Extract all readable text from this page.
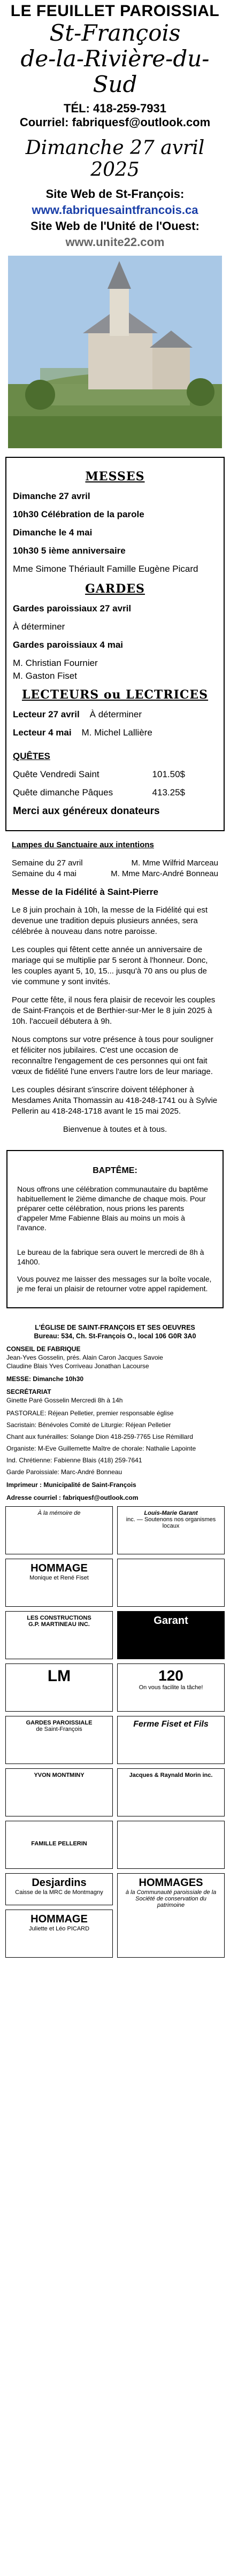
LE FEUILLET PAROISSIAL
St-François
de-la-Rivière-du-Sud
TÉL: 418-259-7931
Courriel: fabriquesf@outlook.com
Dimanche 27 avril 2025
Site Web de St-François:
www.fabriquesaintfrancois.ca
Site Web de l'Unité de l'Ouest: www.unite22.com
MESSES
Dimanche 27 avril
10h30 Célébration de la parole
Dimanche le 4 mai
10h30 5 ième anniversaire
Mme Simone Thériault Famille Eugène Picard
GARDES
Gardes paroissiaux 27 avril
À déterminer
Gardes paroissiaux 4 mai
M. Christian Fournier
M. Gaston Fiset
LECTEURS ou LECTRICES
Lecteur 27 avril À déterminer
Lecteur 4 mai M. Michel Lallière
QUÊTES
Quête Vendredi Saint	101.50$
Quête dimanche Pâques	413.25$
Merci aux généreux donateurs

Lampes du Sanctuaire aux intentions

Semaine du 27 avril	M. Mme Wilfrid Marceau
Semaine du 4 mai	M. Mme Marc-André Bonneau

Messe de la Fidélité à Saint-Pierre

Le 8 juin prochain à 10h, la messe de la Fidélité qui est devenue une tradition depuis plusieurs années, sera célébrée à nouveau dans notre paroisse.

Les couples qui fêtent cette année un anniversaire de mariage qui se multiplie par 5 seront à l'honneur. Donc, les couples ayant 5, 10, 15... jusqu'à 70 ans ou plus de vie commune y sont invités.

Pour cette fête, il nous fera plaisir de recevoir les couples de Saint-François et de Berthier-sur-Mer le 8 juin 2025 à 10h. l'accueil débutera à 9h.

Nous comptons sur votre présence à tous pour souligner et féliciter nos jubilaires. C'est une occasion de reconnaître l'engagement de ces personnes qui ont fait vœux de fidélité l'une envers l'autre lors de leur mariage.

Les couples désirant s'inscrire doivent téléphoner à Mesdames Anita Thomassin au 418-248-1741 ou à Sylvie Pellerin au 418-248-1718 avant le 15 mai 2025.

Bienvenue à toutes et à tous.

BAPTÊME:

Nous offrons une célébration communautaire du baptême habituellement le 2ième dimanche de chaque mois. Pour préparer cette célébration, nous prions les parents d'appeler Mme Fabienne Blais au moins un mois à l'avance.

Le bureau de la fabrique sera ouvert le mercredi de 8h à 14h00.

Vous pouvez me laisser des messages sur la boîte vocale, je me ferai un plaisir de retourner votre appel rapidement.

L'ÉGLISE DE SAINT-FRANÇOIS ET SES OEUVRES
Bureau: 534, Ch. St-François O., local 106 G0R 3A0
CONSEIL DE FABRIQUE
Jean-Yves Gosselin, prés. Alain Caron Jacques Savoie
Claudine Blais Yves Corriveau Jonathan Lacourse
MESSE: Dimanche 10h30
SECRÉTARIAT
Ginette Paré Gosselin Mercredi 8h à 14h
PASTORALE: Réjean Pelletier, premier responsable église
Sacristain: Bénévoles Comité de Liturgie: Réjean Pelletier
Chant aux funérailles: Solange Dion 418-259-7765 Lise Rémillard
Organiste: M-Eve Guillemette Maître de chorale: Nathalie Lapointe
Ind. Chrétienne: Fabienne Blais (418) 259-7641
Garde Paroissiale: Marc-André Bonneau
Imprimeur : Municipalité de Saint-François
Adresse courriel : fabriquesf@outlook.com
À la mémoire de	Louis-Marie Garant
inc. — Soutenons nos organismes locaux
HOMMAGE
Monique et René Fiset
LES CONSTRUCTIONS
G.P. MARTINEAU INC.	Garant
LM	120
On vous facilite la tâche!
GARDES PAROISSIALE
de Saint-François
Ferme Fiset et Fils
YVON MONTMINY	Jacques & Raynald Morin inc.
FAMILLE PELLERIN
Desjardins
Caisse de la MRC de Montmagny
HOMMAGES
à la Communauté paroissiale de la Société de conservation du patrimoine
HOMMAGE
Juliette et Léo PICARD
